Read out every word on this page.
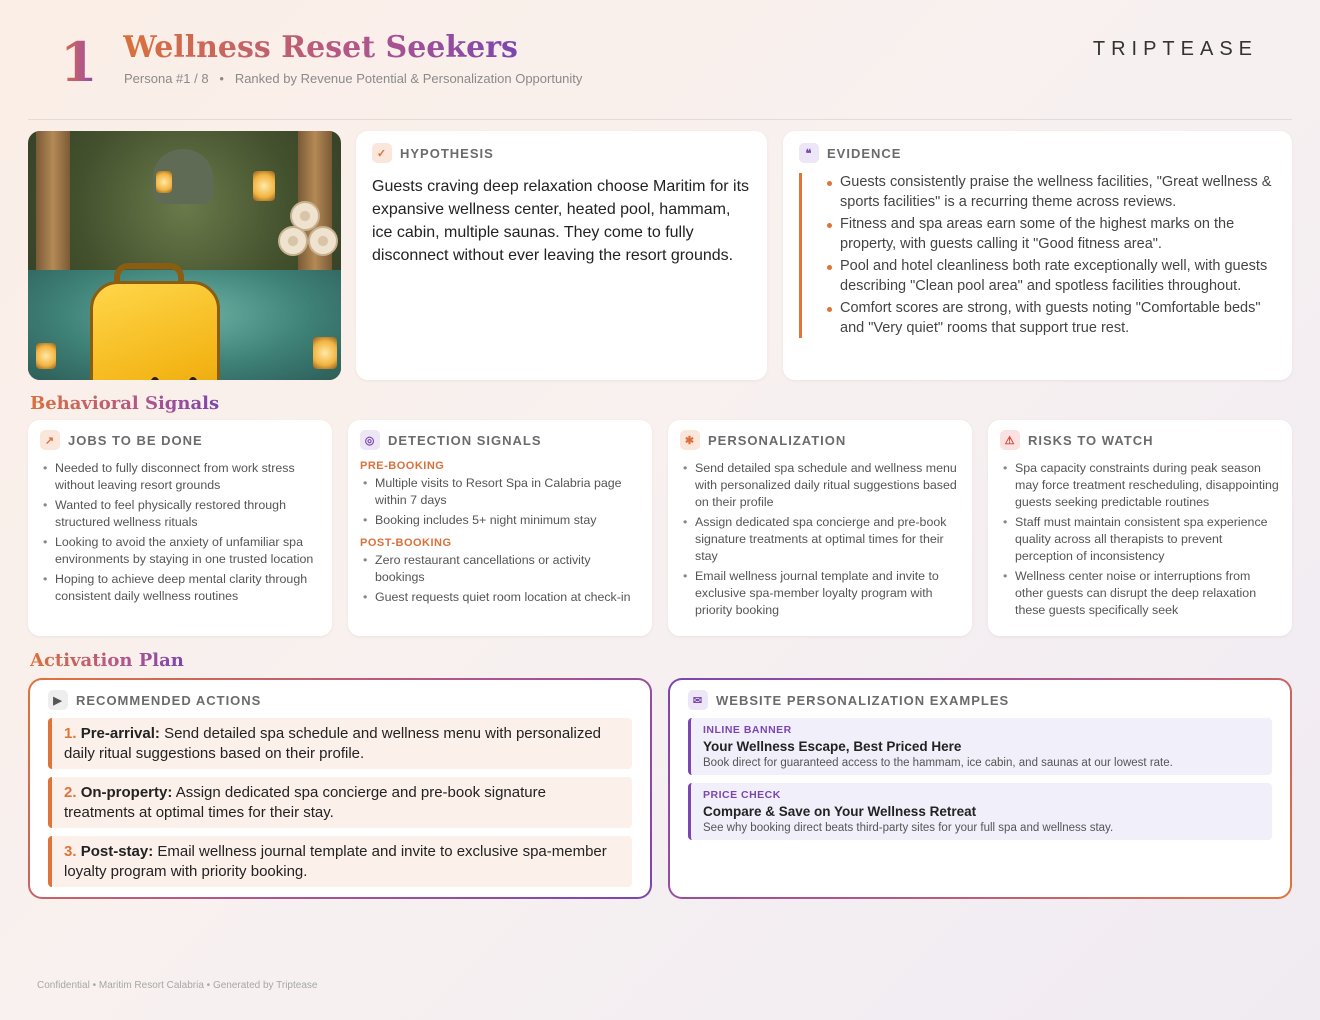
1 Wellness Reset Seekers
Persona #1 / 8   •   Ranked by Revenue Potential & Personalization Opportunity
TRIPTEASE
✓ HYPOTHESIS
Guests craving deep relaxation choose Maritim for its expansive wellness center, heated pool, hammam, ice cabin, multiple saunas. They come to fully disconnect without ever leaving the resort grounds.
❝	EVIDENCE
Guests consistently praise the wellness facilities, "Great wellness & sports facilities" is a recurring theme across reviews.
Fitness and spa areas earn some of the highest marks on the property, with guests calling it "Good fitness area".
Pool and hotel cleanliness both rate exceptionally well, with guests describing "Clean pool area" and spotless facilities throughout.
Comfort scores are strong, with guests noting "Comfortable beds" and "Very quiet" rooms that support true rest.
Behavioral Signals
↗ JOBS TO BE DONE
• Needed to fully disconnect from work stress without leaving resort grounds
• Wanted to feel physically restored through structured wellness rituals
• Looking to avoid the anxiety of unfamiliar spa environments by staying in one trusted location
• Hoping to achieve deep mental clarity through consistent daily wellness routines
◎ DETECTION SIGNALS
PRE-BOOKING
• Multiple visits to Resort Spa in Calabria page within 7 days
• Booking includes 5+ night minimum stay
POST-BOOKING
• Zero restaurant cancellations or activity bookings
• Guest requests quiet room location at check-in
✱ PERSONALIZATION
• Send detailed spa schedule and wellness menu with personalized daily ritual suggestions based on their profile
• Assign dedicated spa concierge and pre-book signature treatments at optimal times for their stay
• Email wellness journal template and invite to exclusive spa-member loyalty program with priority booking
⚠ RISKS TO WATCH
• Spa capacity constraints during peak season may force treatment rescheduling, disappointing guests seeking predictable routines
• Staff must maintain consistent spa experience quality across all therapists to prevent perception of inconsistency
• Wellness center noise or interruptions from other guests can disrupt the deep relaxation these guests specifically seek
Activation Plan
▶	RECOMMENDED ACTIONS
1. Pre-arrival: Send detailed spa schedule and wellness menu with personalized daily ritual suggestions based on their profile.
2. On-property: Assign dedicated spa concierge and pre-book signature treatments at optimal times for their stay.
3. Post-stay: Email wellness journal template and invite to exclusive spa-member loyalty program with priority booking.
✉ WEBSITE PERSONALIZATION EXAMPLES
INLINE BANNER
Your Wellness Escape, Best Priced Here
Book direct for guaranteed access to the hammam, ice cabin, and saunas at our lowest rate.
PRICE CHECK
Compare & Save on Your Wellness Retreat
See why booking direct beats third-party sites for your full spa and wellness stay.
Confidential • Maritim Resort Calabria • Generated by Triptease
